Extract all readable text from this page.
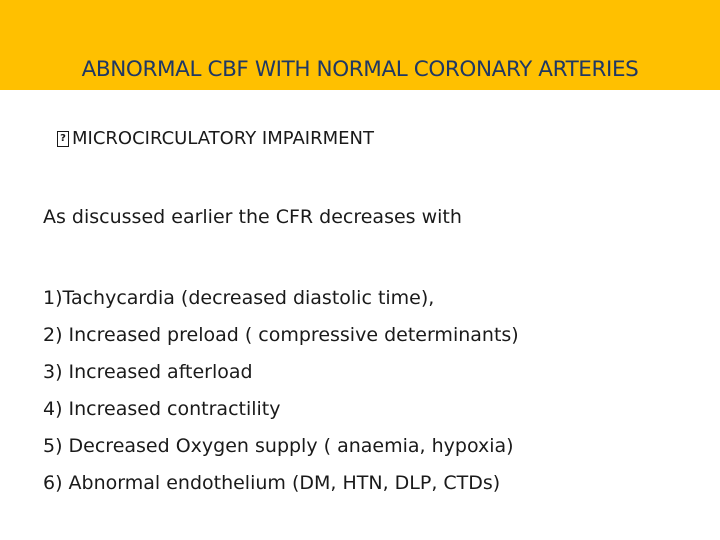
ABNORMAL CBF WITH NORMAL CORONARY ARTERIES
?
MICROCIRCULATORY IMPAIRMENT
As discussed earlier the CFR decreases with
1)Tachycardia (decreased diastolic time),
2) Increased preload ( compressive determinants)
3) Increased afterload
4) Increased contractility
5) Decreased Oxygen supply ( anaemia, hypoxia)
6) Abnormal endothelium (DM, HTN, DLP, CTDs)
